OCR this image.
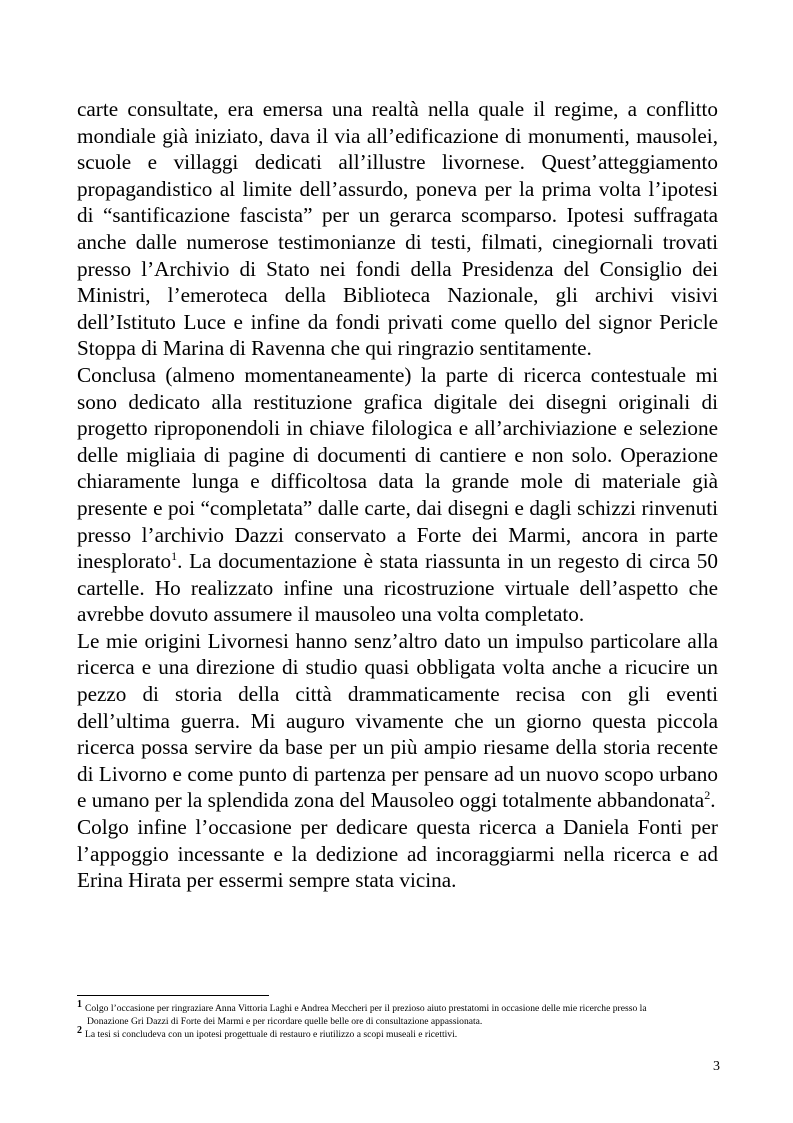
carte consultate, era emersa una realtà nella quale il regime, a conflitto mondiale già iniziato, dava il via all’edificazione di monumenti, mausolei, scuole e villaggi dedicati all’illustre livornese. Quest’atteggiamento propagandistico al limite dell’assurdo, poneva per la prima volta l’ipotesi di “santificazione fascista” per un gerarca scomparso. Ipotesi suffragata anche dalle numerose testimonianze di testi, filmati, cinegiornali trovati presso l’Archivio di Stato nei fondi della Presidenza del Consiglio dei Ministri, l’emeroteca della Biblioteca Nazionale, gli archivi visivi dell’Istituto Luce e infine da fondi privati come quello del signor Pericle Stoppa di Marina di Ravenna che qui ringrazio sentitamente.

Conclusa (almeno momentaneamente) la parte di ricerca contestuale mi sono dedicato alla restituzione grafica digitale dei disegni originali di progetto riproponendoli in chiave filologica e all’archiviazione e selezione delle migliaia di pagine di documenti di cantiere e non solo. Operazione chiaramente lunga e difficoltosa data la grande mole di materiale già presente e poi “completata” dalle carte, dai disegni e dagli schizzi rinvenuti presso l’archivio Dazzi conservato a Forte dei Marmi, ancora in parte inesplorato$^1$. La documentazione è stata riassunta in un regesto di circa 50 cartelle. Ho realizzato infine una ricostruzione virtuale dell’aspetto che avrebbe dovuto assumere il mausoleo una volta completato.

Le mie origini Livornesi hanno senz’altro dato un impulso particolare alla ricerca e una direzione di studio quasi obbligata volta anche a ricucire un pezzo di storia della città drammaticamente recisa con gli eventi dell’ultima guerra. Mi auguro vivamente che un giorno questa piccola ricerca possa servire da base per un più ampio riesame della storia recente di Livorno e come punto di partenza per pensare ad un nuovo scopo urbano e umano per la splendida zona del Mausoleo oggi totalmente abbandonata$^2$.

Colgo infine l’occasione per dedicare questa ricerca a Daniela Fonti per l’appoggio incessante e la dedizione ad incoraggiarmi nella ricerca e ad Erina Hirata per essermi sempre stata vicina.

1 Colgo l’occasione per ringraziare Anna Vittoria Laghi e Andrea Meccheri per il prezioso aiuto prestatomi in occasione delle mie ricerche presso la
Donazione Gri Dazzi di Forte dei Marmi e per ricordare quelle belle ore di consultazione appassionata.

2 La tesi si concludeva con un ipotesi progettuale di restauro e riutilizzo a scopi museali e ricettivi.

3
